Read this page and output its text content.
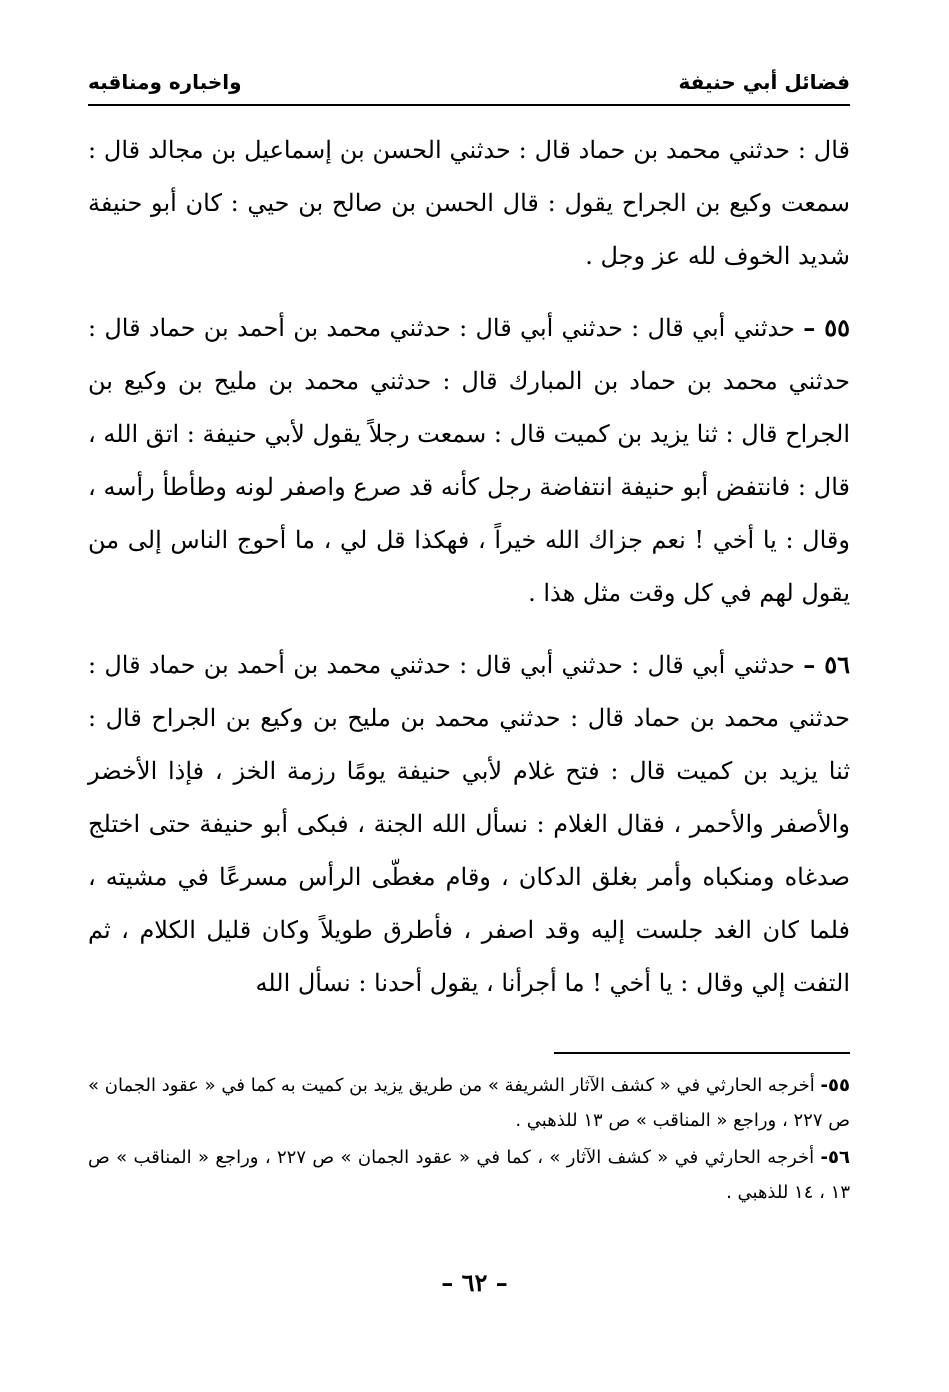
فضائل أبي حنيفة
واخباره ومناقبه

قال : حدثني محمد بن حماد قال : حدثني الحسن بن إسماعيل بن مجالد قال : سمعت وكيع بن الجراح يقول : قال الحسن بن صالح بن حيي : كان أبو حنيفة شديد الخوف لله عز وجل .

٥٥ – حدثني أبي قال : حدثني أبي قال : حدثني محمد بن أحمد بن حماد قال : حدثني محمد بن حماد بن المبارك قال : حدثني محمد بن مليح بن وكيع بن الجراح قال : ثنا يزيد بن كميت قال : سمعت رجلاً يقول لأبي حنيفة : اتق الله ، قال : فانتفض أبو حنيفة انتفاضة رجل كأنه قد صرع واصفر لونه وطأطأ رأسه ، وقال : يا أخي ! نعم جزاك الله خيراً ، فهكذا قل لي ، ما أحوج الناس إلى من يقول لهم في كل وقت مثل هذا .

٥٦ – حدثني أبي قال : حدثني أبي قال : حدثني محمد بن أحمد بن حماد قال : حدثني محمد بن حماد قال : حدثني محمد بن مليح بن وكيع بن الجراح قال : ثنا يزيد بن كميت قال : فتح غلام لأبي حنيفة يومًا رزمة الخز ، فإذا الأخضر والأصفر والأحمر ، فقال الغلام : نسأل الله الجنة ، فبكى أبو حنيفة حتى اختلج صدغاه ومنكباه وأمر بغلق الدكان ، وقام مغطّى الرأس مسرعًا في مشيته ، فلما كان الغد جلست إليه وقد اصفر ، فأطرق طويلاً وكان قليل الكلام ، ثم التفت إلي وقال : يا أخي ! ما أجرأنا ، يقول أحدنا : نسأل الله

٥٥- أخرجه الحارثي في « كشف الآثار الشريفة » من طريق يزيد بن كميت به كما في « عقود الجمان » ص ٢٢٧ ، وراجع « المناقب » ص ١٣ للذهبي .

٥٦- أخرجه الحارثي في « كشف الآثار » ، كما في « عقود الجمان » ص ٢٢٧ ، وراجع « المناقب » ص ١٣ ، ١٤ للذهبي .

– ٦٢ –
